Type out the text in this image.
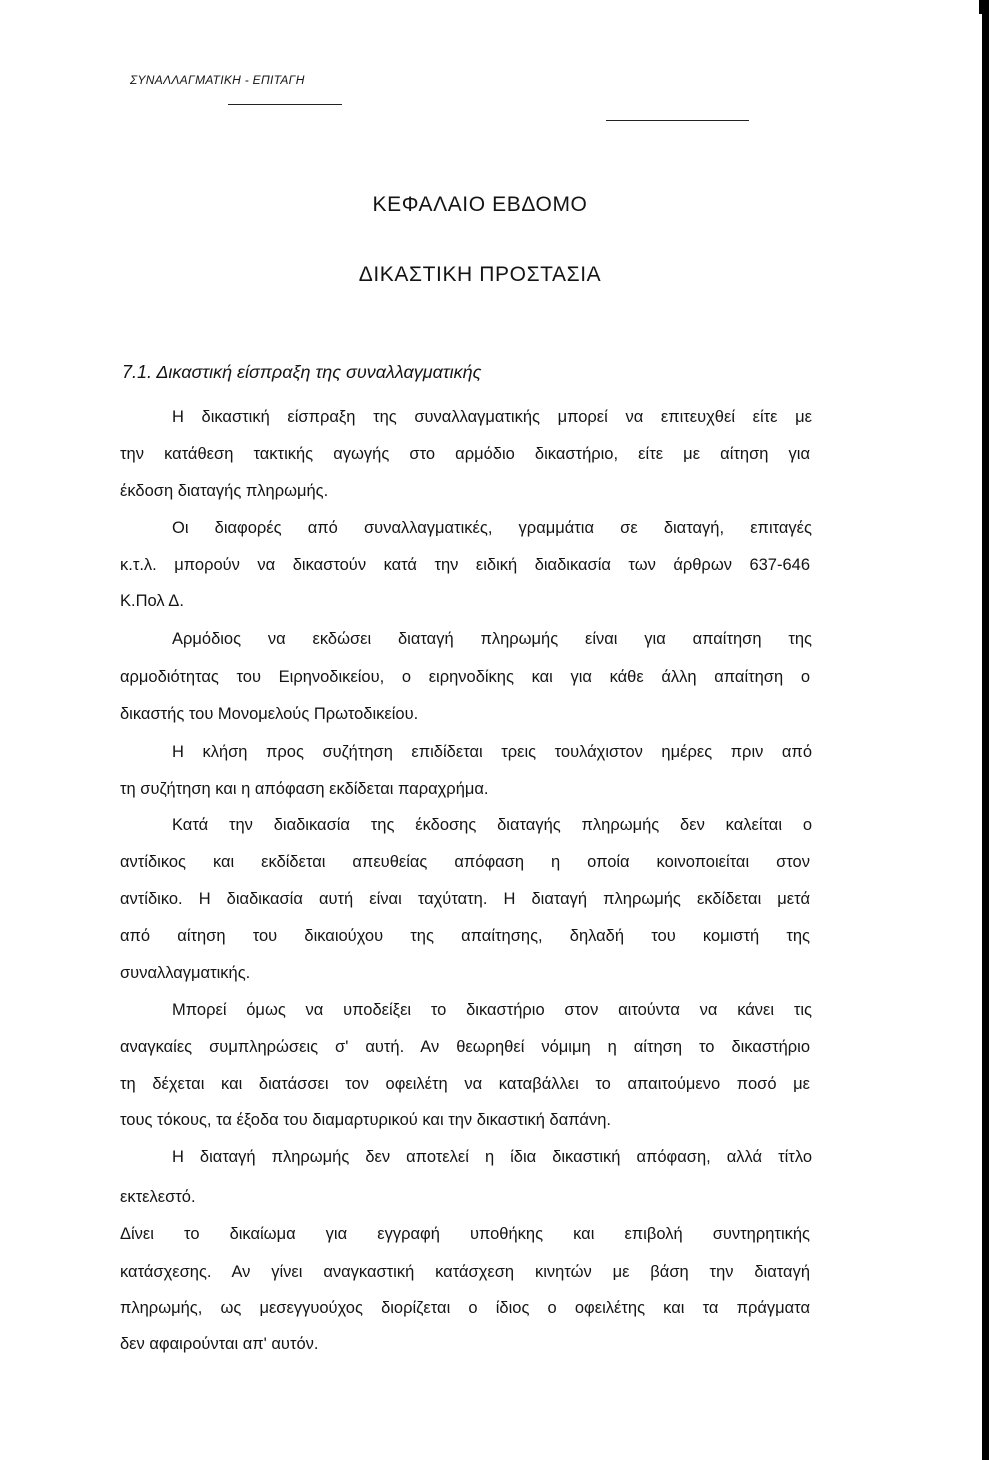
ΣΥΝΑΛΛΑΓΜΑΤΙΚΗ - ΕΠΙΤΑΓΗ
ΚΕΦΑΛΑΙΟ ΕΒΔΟΜΟ
ΔΙΚΑΣΤΙΚΗ ΠΡΟΣΤΑΣΙΑ
7.1. Δικαστική είσπραξη της συναλλαγματικής
Η δικαστική είσπραξη της συναλλαγματικής μπορεί να επιτευχθεί είτε με
την κατάθεση τακτικής αγωγής στο αρμόδιο δικαστήριο, είτε με αίτηση για
έκδοση διαταγής πληρωμής.
Οι διαφορές από συναλλαγματικές, γραμμάτια σε διαταγή, επιταγές
κ.τ.λ. μπορούν να δικαστούν κατά την ειδική διαδικασία των άρθρων 637-646
Κ.Πολ Δ.
Αρμόδιος να εκδώσει διαταγή πληρωμής είναι για απαίτηση της
αρμοδιότητας του Ειρηνοδικείου, ο ειρηνοδίκης και για κάθε άλλη απαίτηση ο
δικαστής του Μονομελούς Πρωτοδικείου.
Η κλήση προς συζήτηση επιδίδεται τρεις τουλάχιστον ημέρες πριν από
τη συζήτηση και η απόφαση εκδίδεται παραχρήμα.
Κατά την διαδικασία της έκδοσης διαταγής πληρωμής δεν καλείται ο
αντίδικος και εκδίδεται απευθείας απόφαση η οποία κοινοποιείται στον
αντίδικο. Η διαδικασία αυτή είναι ταχύτατη. Η διαταγή πληρωμής εκδίδεται μετά
από αίτηση του δικαιούχου της απαίτησης, δηλαδή του κομιστή της
συναλλαγματικής.
Μπορεί όμως να υποδείξει το δικαστήριο στον αιτούντα να κάνει τις
αναγκαίες συμπληρώσεις σ' αυτή. Αν θεωρηθεί νόμιμη η αίτηση το δικαστήριο
τη δέχεται και διατάσσει τον οφειλέτη να καταβάλλει το απαιτούμενο ποσό με
τους τόκους, τα έξοδα του διαμαρτυρικού και την δικαστική δαπάνη.
Η διαταγή πληρωμής δεν αποτελεί η ίδια δικαστική απόφαση, αλλά τίτλο
εκτελεστό.
Δίνει το δικαίωμα για εγγραφή υποθήκης και επιβολή συντηρητικής
κατάσχεσης. Αν γίνει αναγκαστική κατάσχεση κινητών με βάση την διαταγή
πληρωμής, ως μεσεγγυούχος διορίζεται ο ίδιος ο οφειλέτης και τα πράγματα
δεν αφαιρούνται απ' αυτόν.
